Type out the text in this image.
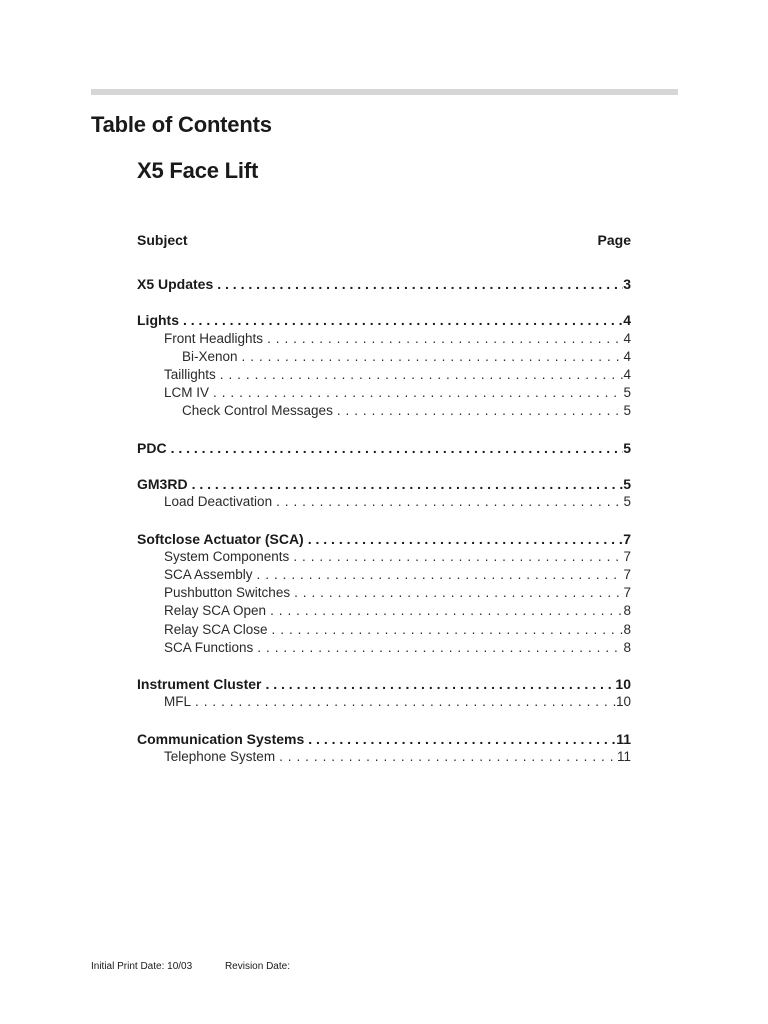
Table of Contents
X5 Face Lift
Subject	Page
X5 Updates . . .	3
Lights . . .	4
Front Headlights . . .	4
Bi-Xenon . . .	4
Taillights . . .	4
LCM IV . . .	5
Check Control Messages . . .	5
PDC . . .	5
GM3RD . . .	5
Load Deactivation . . .	5
Softclose Actuator (SCA) . . .	7
System Components . . .	7
SCA Assembly . . .	7
Pushbutton Switches . . .	7
Relay SCA Open . . .	8
Relay SCA Close . . .	8
SCA Functions . . .	8
Instrument Cluster . . .	10
MFL . . .	10
Communication Systems . . .	11
Telephone System . . .	11
Initial Print Date: 10/03	Revision Date:
